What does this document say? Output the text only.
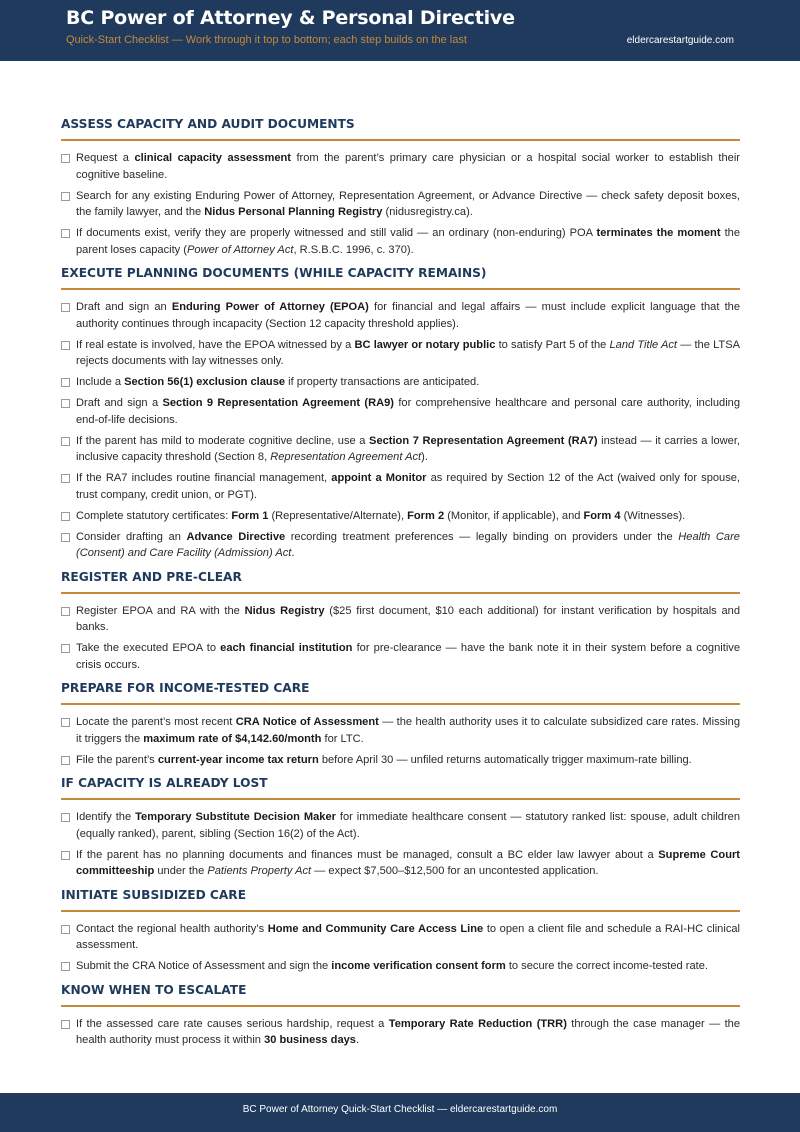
BC Power of Attorney & Personal Directive
Quick-Start Checklist — Work through it top to bottom; each step builds on the last	eldercarestartguide.com
ASSESS CAPACITY AND AUDIT DOCUMENTS
Request a clinical capacity assessment from the parent’s primary care physician or a hospital social worker to establish their cognitive baseline.
Search for any existing Enduring Power of Attorney, Representation Agreement, or Advance Directive — check safety deposit boxes, the family lawyer, and the Nidus Personal Planning Registry (nidusregistry.ca).
If documents exist, verify they are properly witnessed and still valid — an ordinary (non-enduring) POA terminates the moment the parent loses capacity (Power of Attorney Act, R.S.B.C. 1996, c. 370).
EXECUTE PLANNING DOCUMENTS (WHILE CAPACITY REMAINS)
Draft and sign an Enduring Power of Attorney (EPOA) for financial and legal affairs — must include explicit language that the authority continues through incapacity (Section 12 capacity threshold applies).
If real estate is involved, have the EPOA witnessed by a BC lawyer or notary public to satisfy Part 5 of the Land Title Act — the LTSA rejects documents with lay witnesses only.
Include a Section 56(1) exclusion clause if property transactions are anticipated.
Draft and sign a Section 9 Representation Agreement (RA9) for comprehensive healthcare and personal care authority, including end-of-life decisions.
If the parent has mild to moderate cognitive decline, use a Section 7 Representation Agreement (RA7) instead — it carries a lower, inclusive capacity threshold (Section 8, Representation Agreement Act).
If the RA7 includes routine financial management, appoint a Monitor as required by Section 12 of the Act (waived only for spouse, trust company, credit union, or PGT).
Complete statutory certificates: Form 1 (Representative/Alternate), Form 2 (Monitor, if applicable), and Form 4 (Witnesses).
Consider drafting an Advance Directive recording treatment preferences — legally binding on providers under the Health Care (Consent) and Care Facility (Admission) Act.
REGISTER AND PRE-CLEAR
Register EPOA and RA with the Nidus Registry ($25 first document, $10 each additional) for instant verification by hospitals and banks.
Take the executed EPOA to each financial institution for pre-clearance — have the bank note it in their system before a cognitive crisis occurs.
PREPARE FOR INCOME-TESTED CARE
Locate the parent’s most recent CRA Notice of Assessment — the health authority uses it to calculate subsidized care rates. Missing it triggers the maximum rate of $4,142.60/month for LTC.
File the parent’s current-year income tax return before April 30 — unfiled returns automatically trigger maximum-rate billing.
IF CAPACITY IS ALREADY LOST
Identify the Temporary Substitute Decision Maker for immediate healthcare consent — statutory ranked list: spouse, adult children (equally ranked), parent, sibling (Section 16(2) of the Act).
If the parent has no planning documents and finances must be managed, consult a BC elder law lawyer about a Supreme Court committeeship under the Patients Property Act — expect $7,500–$12,500 for an uncontested application.
INITIATE SUBSIDIZED CARE
Contact the regional health authority’s Home and Community Care Access Line to open a client file and schedule a RAI-HC clinical assessment.
Submit the CRA Notice of Assessment and sign the income verification consent form to secure the correct income-tested rate.
KNOW WHEN TO ESCALATE
If the assessed care rate causes serious hardship, request a Temporary Rate Reduction (TRR) through the case manager — the health authority must process it within 30 business days.
BC Power of Attorney Quick-Start Checklist — eldercarestartguide.com
